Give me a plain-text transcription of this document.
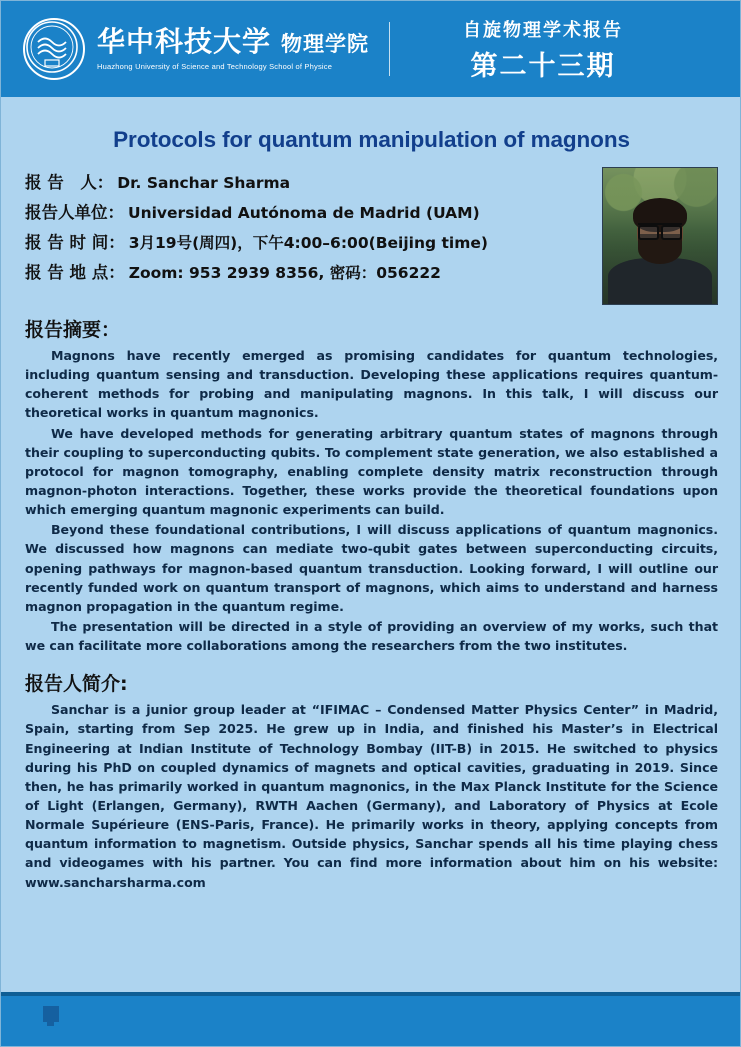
华中科技大学 物理学院
Huazhong University of Science and Technology School of Physice
自旋物理学术报告
第二十三期
Protocols for quantum manipulation of magnons
报 告　人： Dr. Sanchar Sharma
报告人单位： Universidad Autónoma de Madrid (UAM)
报 告 时 间： 3月19号(周四)，下午4:00–6:00(Beijing time)
报 告 地 点： Zoom: 953 2939 8356, 密码：056222
报告摘要：

Magnons have recently emerged as promising candidates for quantum technologies, including quantum sensing and transduction. Developing these applications requires quantum-coherent methods for probing and manipulating magnons. In this talk, I will discuss our theoretical works in quantum magnonics.

We have developed methods for generating arbitrary quantum states of magnons through their coupling to superconducting qubits. To complement state generation, we also established a protocol for magnon tomography, enabling complete density matrix reconstruction through magnon-photon interactions. Together, these works provide the theoretical foundations upon which emerging quantum magnonic experiments can build.

Beyond these foundational contributions, I will discuss applications of quantum magnonics. We discussed how magnons can mediate two-qubit gates between superconducting circuits, opening pathways for magnon-based quantum transduction. Looking forward, I will outline our recently funded work on quantum transport of magnons, which aims to understand and harness magnon propagation in the quantum regime.

The presentation will be directed in a style of providing an overview of my works, such that we can facilitate more collaborations among the researchers from the two institutes.

报告人简介:

Sanchar is a junior group leader at “IFIMAC – Condensed Matter Physics Center” in Madrid, Spain, starting from Sep 2025. He grew up in India, and finished his Master’s in Electrical Engineering at Indian Institute of Technology Bombay (IIT-B) in 2015. He switched to physics during his PhD on coupled dynamics of magnets and optical cavities, graduating in 2019. Since then, he has primarily worked in quantum magnonics, in the Max Planck Institute for the Science of Light (Erlangen, Germany), RWTH Aachen (Germany), and Laboratory of Physics at Ecole Normale Supérieure (ENS-Paris, France). He primarily works in theory, applying concepts from quantum information to magnetism. Outside physics, Sanchar spends all his time playing chess and videogames with his partner. You can find more information about him on his website: www.sancharsharma.com
